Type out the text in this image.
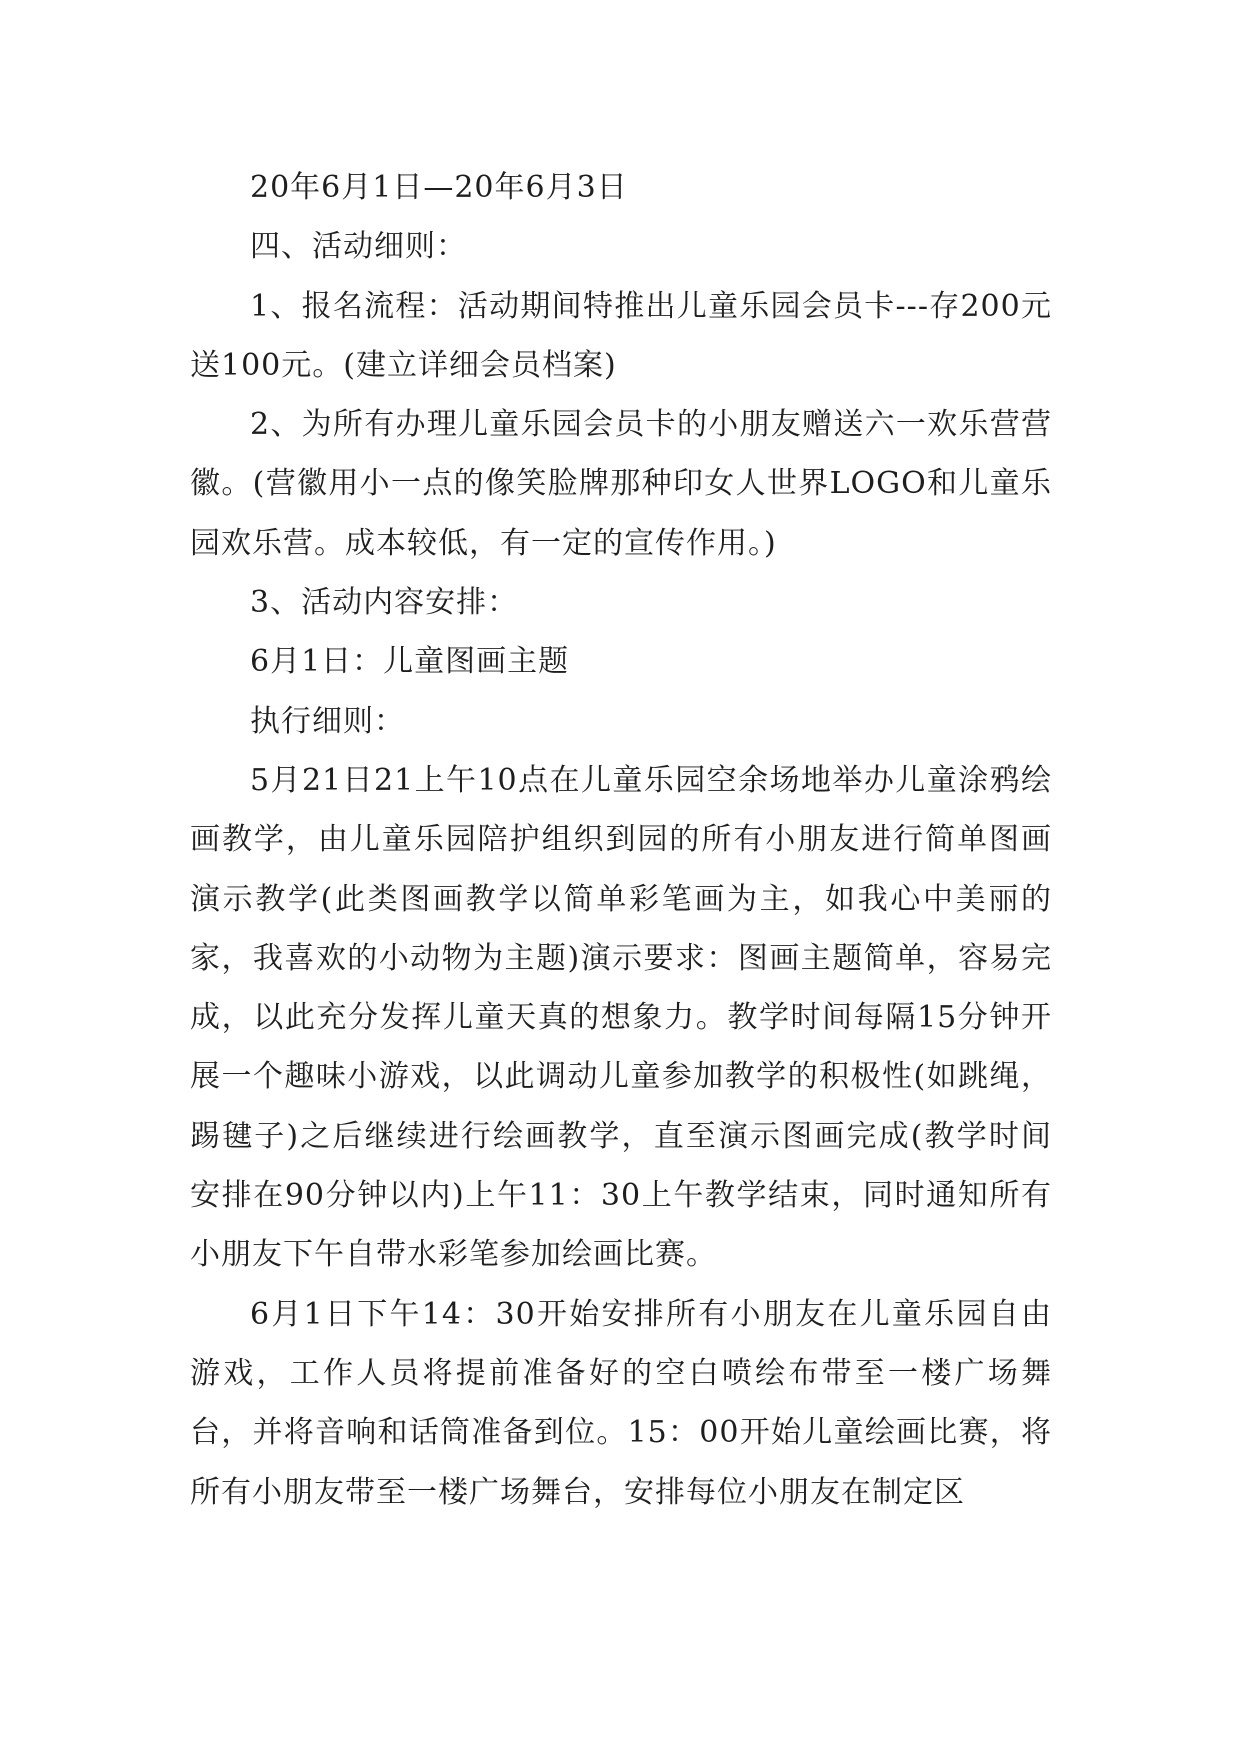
20年6月1日—20年6月3日

四、活动细则：

1、报名流程：活动期间特推出儿童乐园会员卡---存200元送100元。(建立详细会员档案)

2、为所有办理儿童乐园会员卡的小朋友赠送六一欢乐营营徽。(营徽用小一点的像笑脸牌那种印女人世界LOGO和儿童乐园欢乐营。成本较低，有一定的宣传作用。)

3、活动内容安排：

6月1日：儿童图画主题

执行细则：

5月21日21上午10点在儿童乐园空余场地举办儿童涂鸦绘画教学，由儿童乐园陪护组织到园的所有小朋友进行简单图画演示教学(此类图画教学以简单彩笔画为主，如我心中美丽的家，我喜欢的小动物为主题)演示要求：图画主题简单，容易完成，以此充分发挥儿童天真的想象力。教学时间每隔15分钟开展一个趣味小游戏，以此调动儿童参加教学的积极性(如跳绳，踢毽子)之后继续进行绘画教学，直至演示图画完成(教学时间安排在90分钟以内)上午11：30上午教学结束，同时通知所有小朋友下午自带水彩笔参加绘画比赛。

6月1日下午14：30开始安排所有小朋友在儿童乐园自由游戏，工作人员将提前准备好的空白喷绘布带至一楼广场舞台，并将音响和话筒准备到位。15：00开始儿童绘画比赛，将所有小朋友带至一楼广场舞台，安排每位小朋友在制定区
